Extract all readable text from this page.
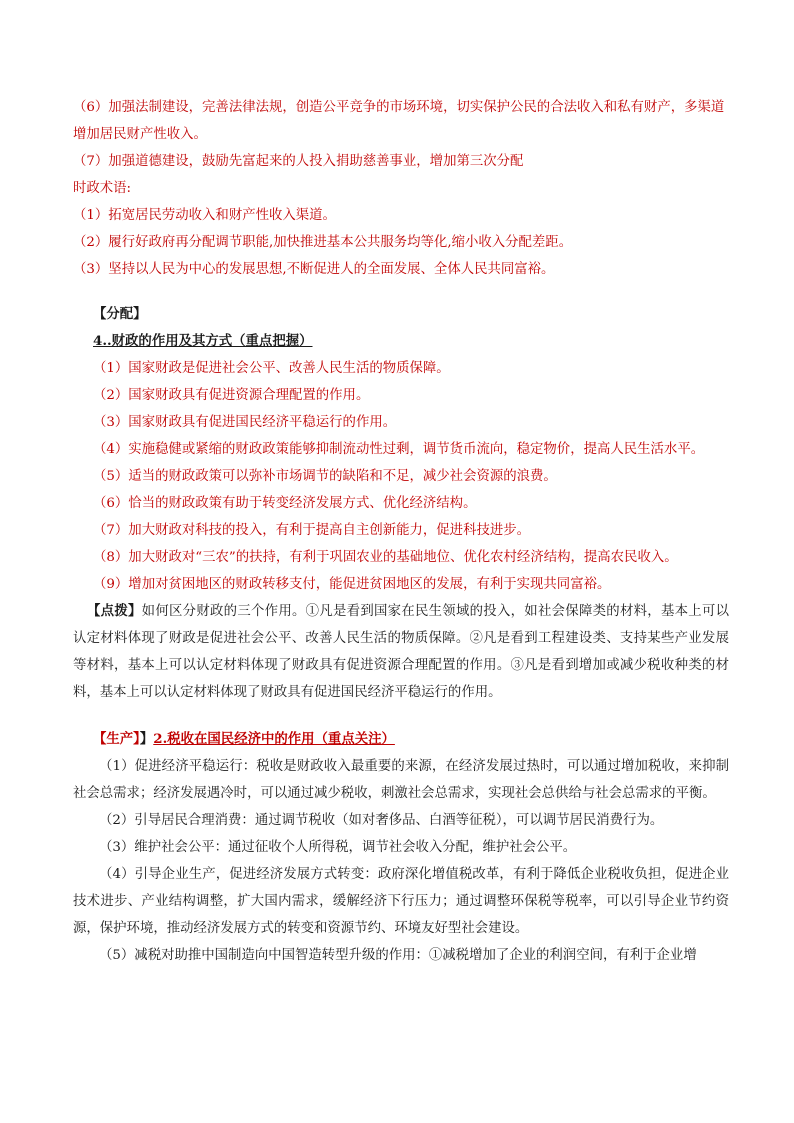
（6）加强法制建设，完善法律法规，创造公平竞争的市场环境，切实保护公民的合法收入和私有财产，多渠道增加居民财产性收入。

（7）加强道德建设，鼓励先富起来的人投入捐助慈善事业，增加第三次分配

时政术语:

（1）拓宽居民劳动收入和财产性收入渠道。

（2）履行好政府再分配调节职能,加快推进基本公共服务均等化,缩小收入分配差距。

（3）坚持以人民为中心的发展思想,不断促进人的全面发展、全体人民共同富裕。

【分配】

4..财政的作用及其方式（重点把握）

（1）国家财政是促进社会公平、改善人民生活的物质保障。

（2）国家财政具有促进资源合理配置的作用。

（3）国家财政具有促进国民经济平稳运行的作用。

（4）实施稳健或紧缩的财政政策能够抑制流动性过剩，调节货币流向，稳定物价，提高人民生活水平。

（5）适当的财政政策可以弥补市场调节的缺陷和不足，减少社会资源的浪费。

（6）恰当的财政政策有助于转变经济发展方式、优化经济结构。

（7）加大财政对科技的投入，有利于提高自主创新能力，促进科技进步。

（8）加大财政对“三农”的扶持，有利于巩固农业的基础地位、优化农村经济结构，提高农民收入。

（9）增加对贫困地区的财政转移支付，能促进贫困地区的发展，有利于实现共同富裕。

【点拨】如何区分财政的三个作用。①凡是看到国家在民生领域的投入，如社会保障类的材料，基本上可以认定材料体现了财政是促进社会公平、改善人民生活的物质保障。②凡是看到工程建设类、支持某些产业发展等材料，基本上可以认定材料体现了财政具有促进资源合理配置的作用。③凡是看到增加或减少税收种类的材料，基本上可以认定材料体现了财政具有促进国民经济平稳运行的作用。

【生产】】2.税收在国民经济中的作用（重点关注）

（1）促进经济平稳运行：税收是财政收入最重要的来源，在经济发展过热时，可以通过增加税收，来抑制社会总需求；经济发展遇冷时，可以通过减少税收，刺激社会总需求，实现社会总供给与社会总需求的平衡。

（2）引导居民合理消费：通过调节税收（如对奢侈品、白酒等征税），可以调节居民消费行为。

（3）维护社会公平：通过征收个人所得税，调节社会收入分配，维护社会公平。

（4）引导企业生产，促进经济发展方式转变：政府深化增值税改革，有利于降低企业税收负担，促进企业技术进步、产业结构调整，扩大国内需求，缓解经济下行压力；通过调整环保税等税率，可以引导企业节约资源，保护环境，推动经济发展方式的转变和资源节约、环境友好型社会建设。

（5）减税对助推中国制造向中国智造转型升级的作用：①减税增加了企业的利润空间，有利于企业增
